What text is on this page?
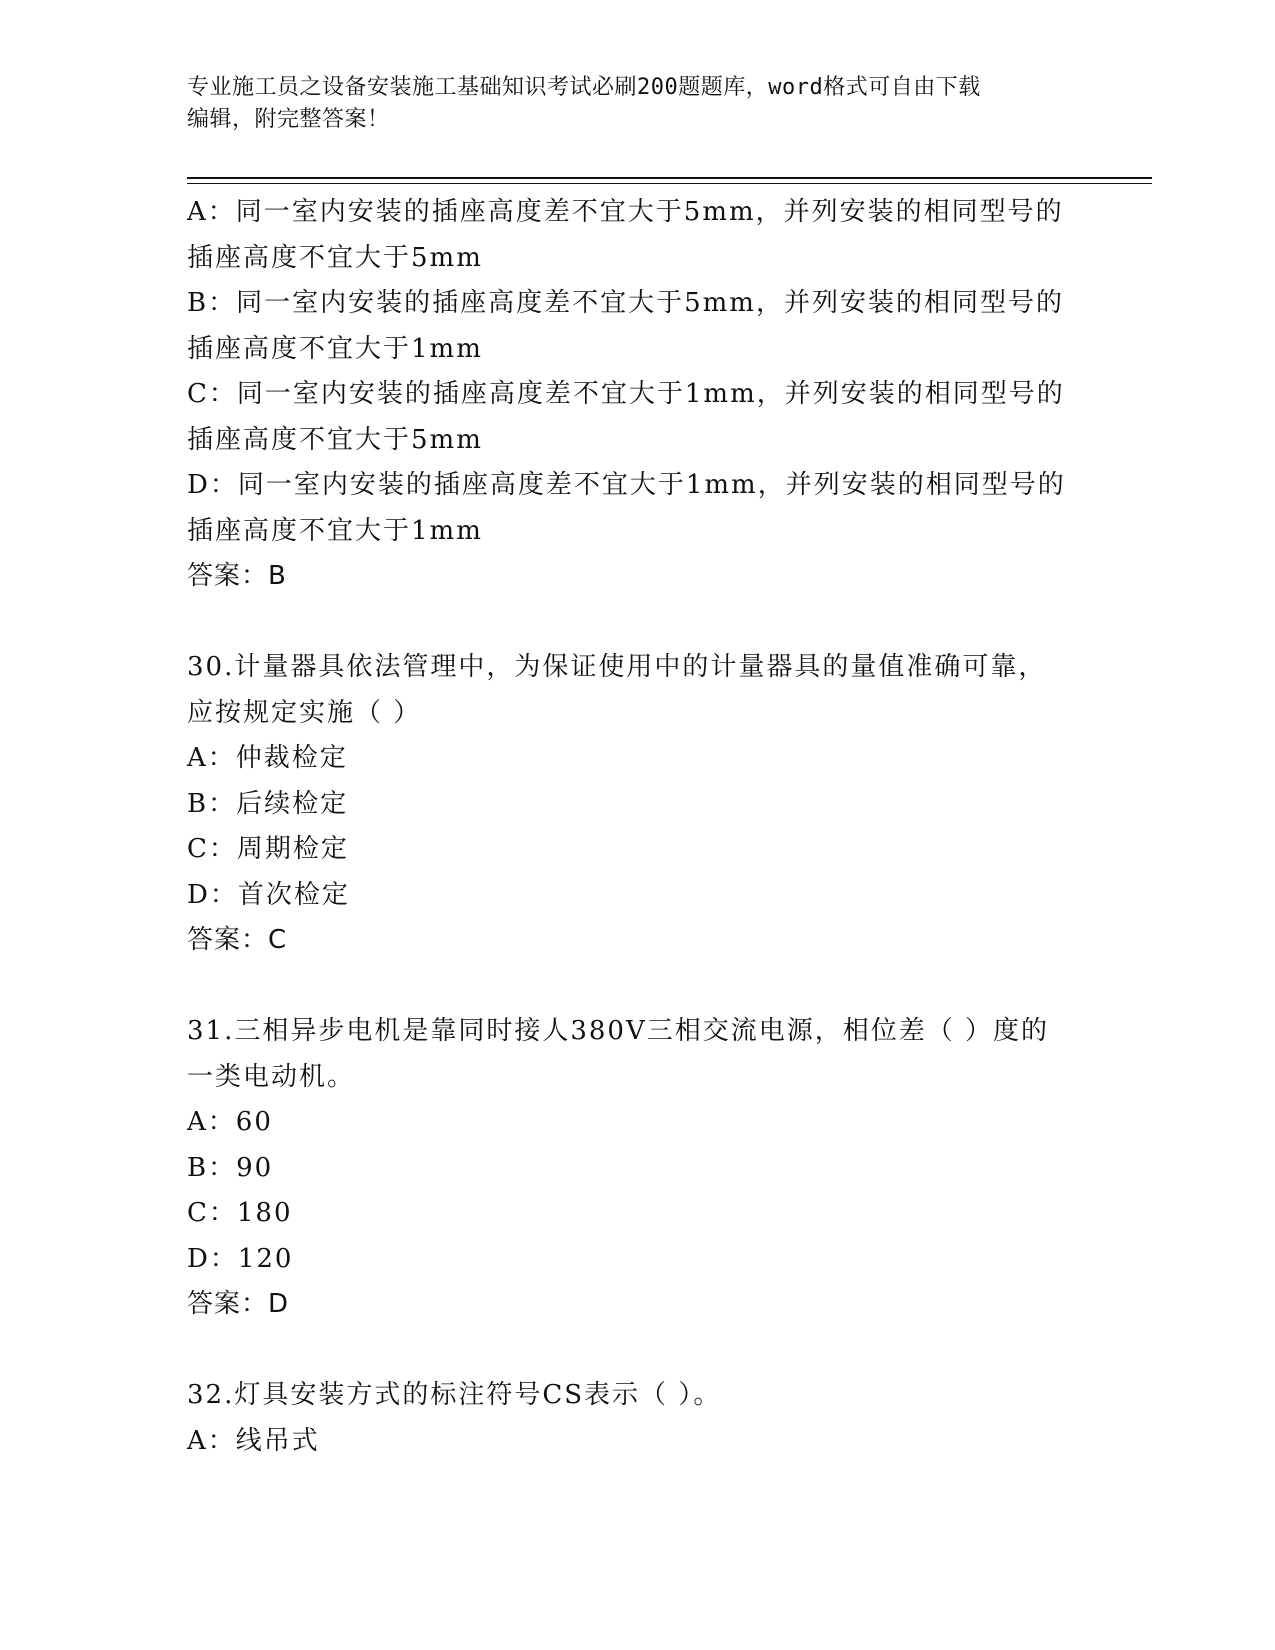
专业施工员之设备安装施工基础知识考试必刷200题题库，word格式可自由下载
编辑，附完整答案！
A：同一室内安装的插座高度差不宜大于5mm，并列安装的相同型号的
插座高度不宜大于5mm
B：同一室内安装的插座高度差不宜大于5mm，并列安装的相同型号的
插座高度不宜大于1mm
C：同一室内安装的插座高度差不宜大于1mm，并列安装的相同型号的
插座高度不宜大于5mm
D：同一室内安装的插座高度差不宜大于1mm，并列安装的相同型号的
插座高度不宜大于1mm
答案：B
30.计量器具依法管理中，为保证使用中的计量器具的量值准确可靠，
应按规定实施（ ）
A：仲裁检定
B：后续检定
C：周期检定
D：首次检定
答案：C
31.三相异步电机是靠同时接人380V三相交流电源，相位差（ ）度的
一类电动机。
A：60
B：90
C：180
D：120
答案：D
32.灯具安装方式的标注符号CS表示（ ）。
A：线吊式
